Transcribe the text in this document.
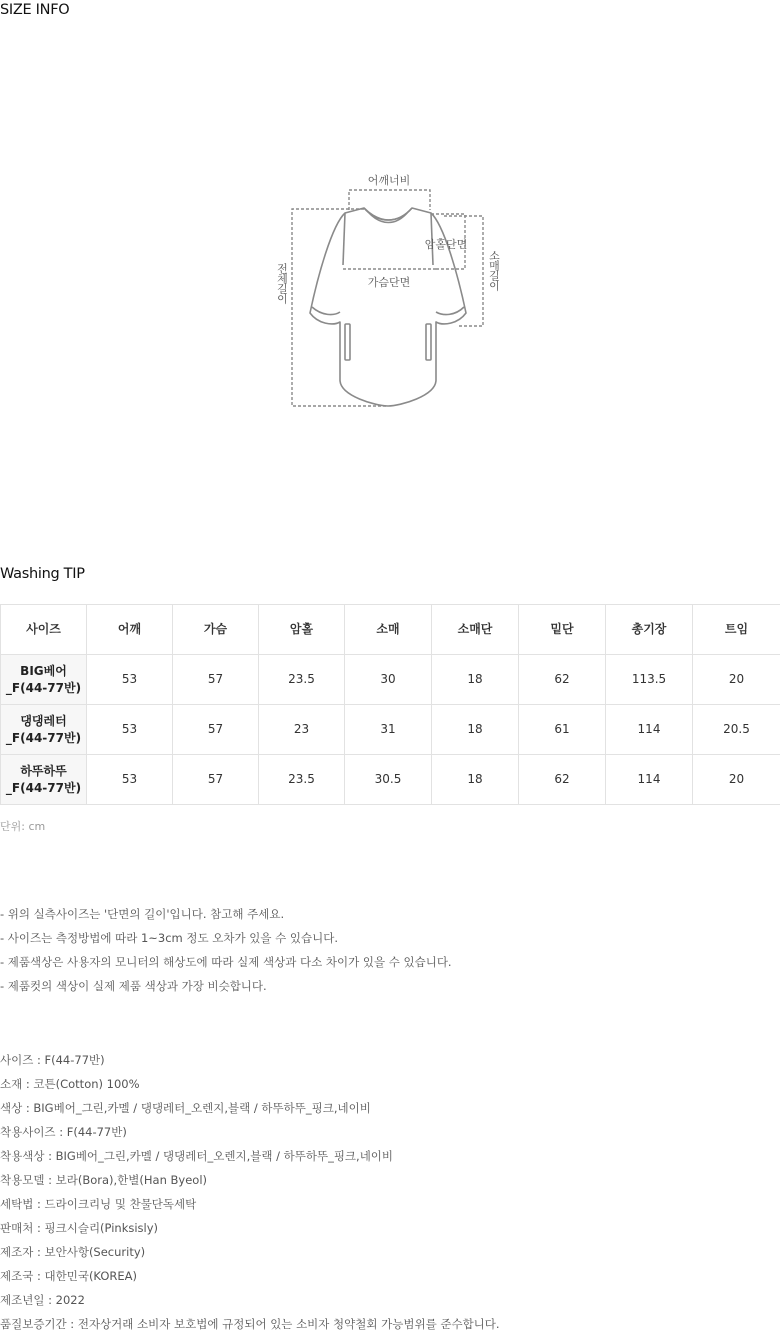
SIZE INFO
어깨너비
암홀단면
가슴단면	소매길이
전체길이
Washing TIP
사이즈	어깨	가슴	암홀	소매	소매단	밑단	총기장	트임
BIG베어_F(44-77반)	53	57	23.5	30	18	62	113.5	20
댕댕레터_F(44-77반)	53	57	23	31	18	61	114	20.5
하뚜하뚜_F(44-77반)	53	57	23.5	30.5	18	62	114	20
단위: cm
- 위의 실측사이즈는 '단면의 길이'입니다. 참고해 주세요.
- 사이즈는 측정방법에 따라 1~3cm 정도 오차가 있을 수 있습니다.
- 제품색상은 사용자의 모니터의 해상도에 따라 실제 색상과 다소 차이가 있을 수 있습니다.
- 제품컷의 색상이 실제 제품 색상과 가장 비슷합니다.
사이즈 : F(44-77반)
소재 : 코튼(Cotton) 100%
색상 : BIG베어_그린,카멜 / 댕댕레터_오렌지,블랙 / 하뚜하뚜_핑크,네이비
착용사이즈 : F(44-77반)
착용색상 : BIG베어_그린,카멜 / 댕댕레터_오렌지,블랙 / 하뚜하뚜_핑크,네이비
착용모델 : 보라(Bora),한별(Han Byeol)
세탁법 : 드라이크리닝 및 찬물단독세탁
판매처 : 핑크시슬리(Pinksisly)
제조자 : 보안사항(Security)
제조국 : 대한민국(KOREA)
제조년일 : 2022
품질보증기간 : 전자상거래 소비자 보호법에 규정되어 있는 소비자 청약철회 가능범위를 준수합니다.
